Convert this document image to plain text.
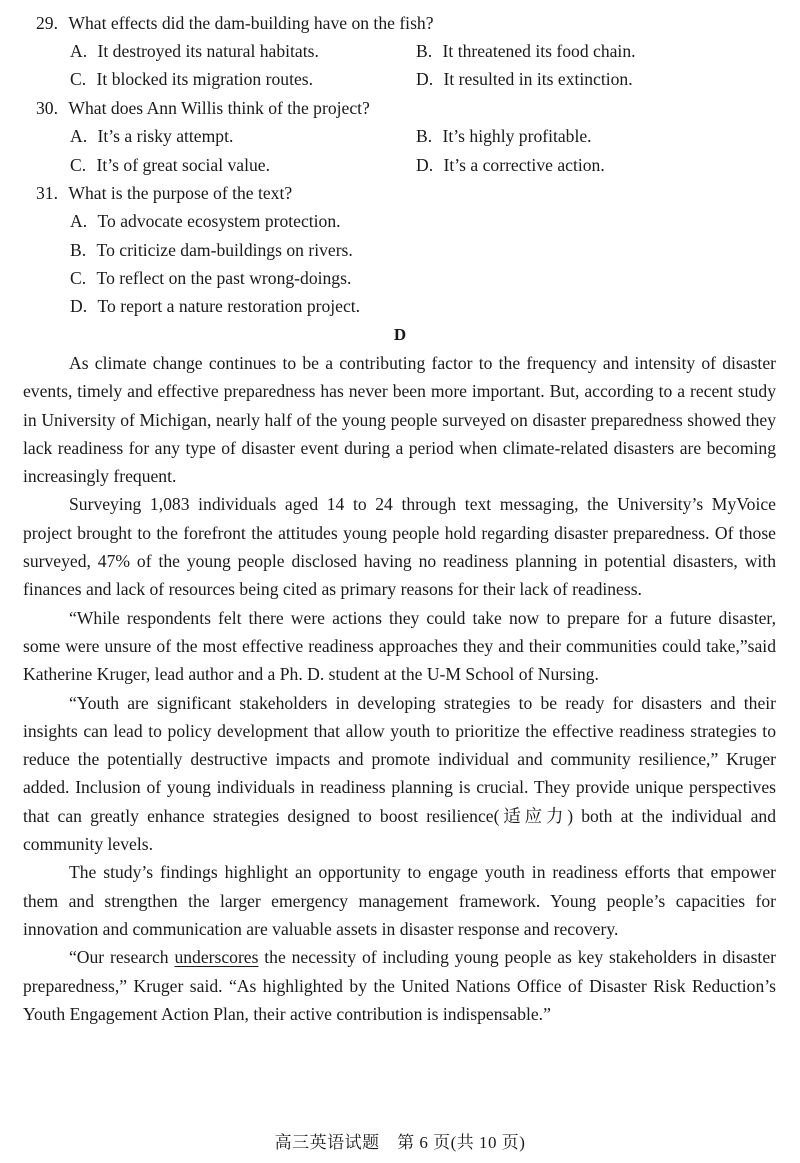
29. What effects did the dam-building have on the fish?
A. It destroyed its natural habitats.	B. It threatened its food chain.
C. It blocked its migration routes.	D. It resulted in its extinction.
30. What does Ann Willis think of the project?
A. It’s a risky attempt.	B. It’s highly profitable.
C. It’s of great social value.	D. It’s a corrective action.
31. What is the purpose of the text?
A. To advocate ecosystem protection.
B. To criticize dam-buildings on rivers.
C. To reflect on the past wrong-doings.
D. To report a nature restoration project.
D

As climate change continues to be a contributing factor to the frequency and intensity of disaster events, timely and effective preparedness has never been more important. But, according to a recent study in University of Michigan, nearly half of the young people surveyed on disaster preparedness showed they lack readiness for any type of disaster event during a period when climate-related disasters are becoming increasingly frequent.

Surveying 1,083 individuals aged 14 to 24 through text messaging, the University’s MyVoice project brought to the forefront the attitudes young people hold regarding disaster preparedness. Of those surveyed, 47% of the young people disclosed having no readiness planning in potential disasters, with finances and lack of resources being cited as primary reasons for their lack of readiness.

“While respondents felt there were actions they could take now to prepare for a future disaster, some were unsure of the most effective readiness approaches they and their communities could take,”said Katherine Kruger, lead author and a Ph. D. student at the U-M School of Nursing.

“Youth are significant stakeholders in developing strategies to be ready for disasters and their insights can lead to policy development that allow youth to prioritize the effective readiness strategies to reduce the potentially destructive impacts and promote individual and community resilience,” Kruger added. Inclusion of young individuals in readiness planning is crucial. They provide unique perspectives that can greatly enhance strategies designed to boost resilience(适应力) both at the individual and community levels.

The study’s findings highlight an opportunity to engage youth in readiness efforts that empower them and strengthen the larger emergency management framework. Young people’s capacities for innovation and communication are valuable assets in disaster response and recovery.

“Our research underscores the necessity of including young people as key stakeholders in disaster preparedness,” Kruger said. “As highlighted by the United Nations Office of Disaster Risk Reduction’s Youth Engagement Action Plan, their active contribution is indispensable.”

高三英语试题　第 6 页(共 10 页)
